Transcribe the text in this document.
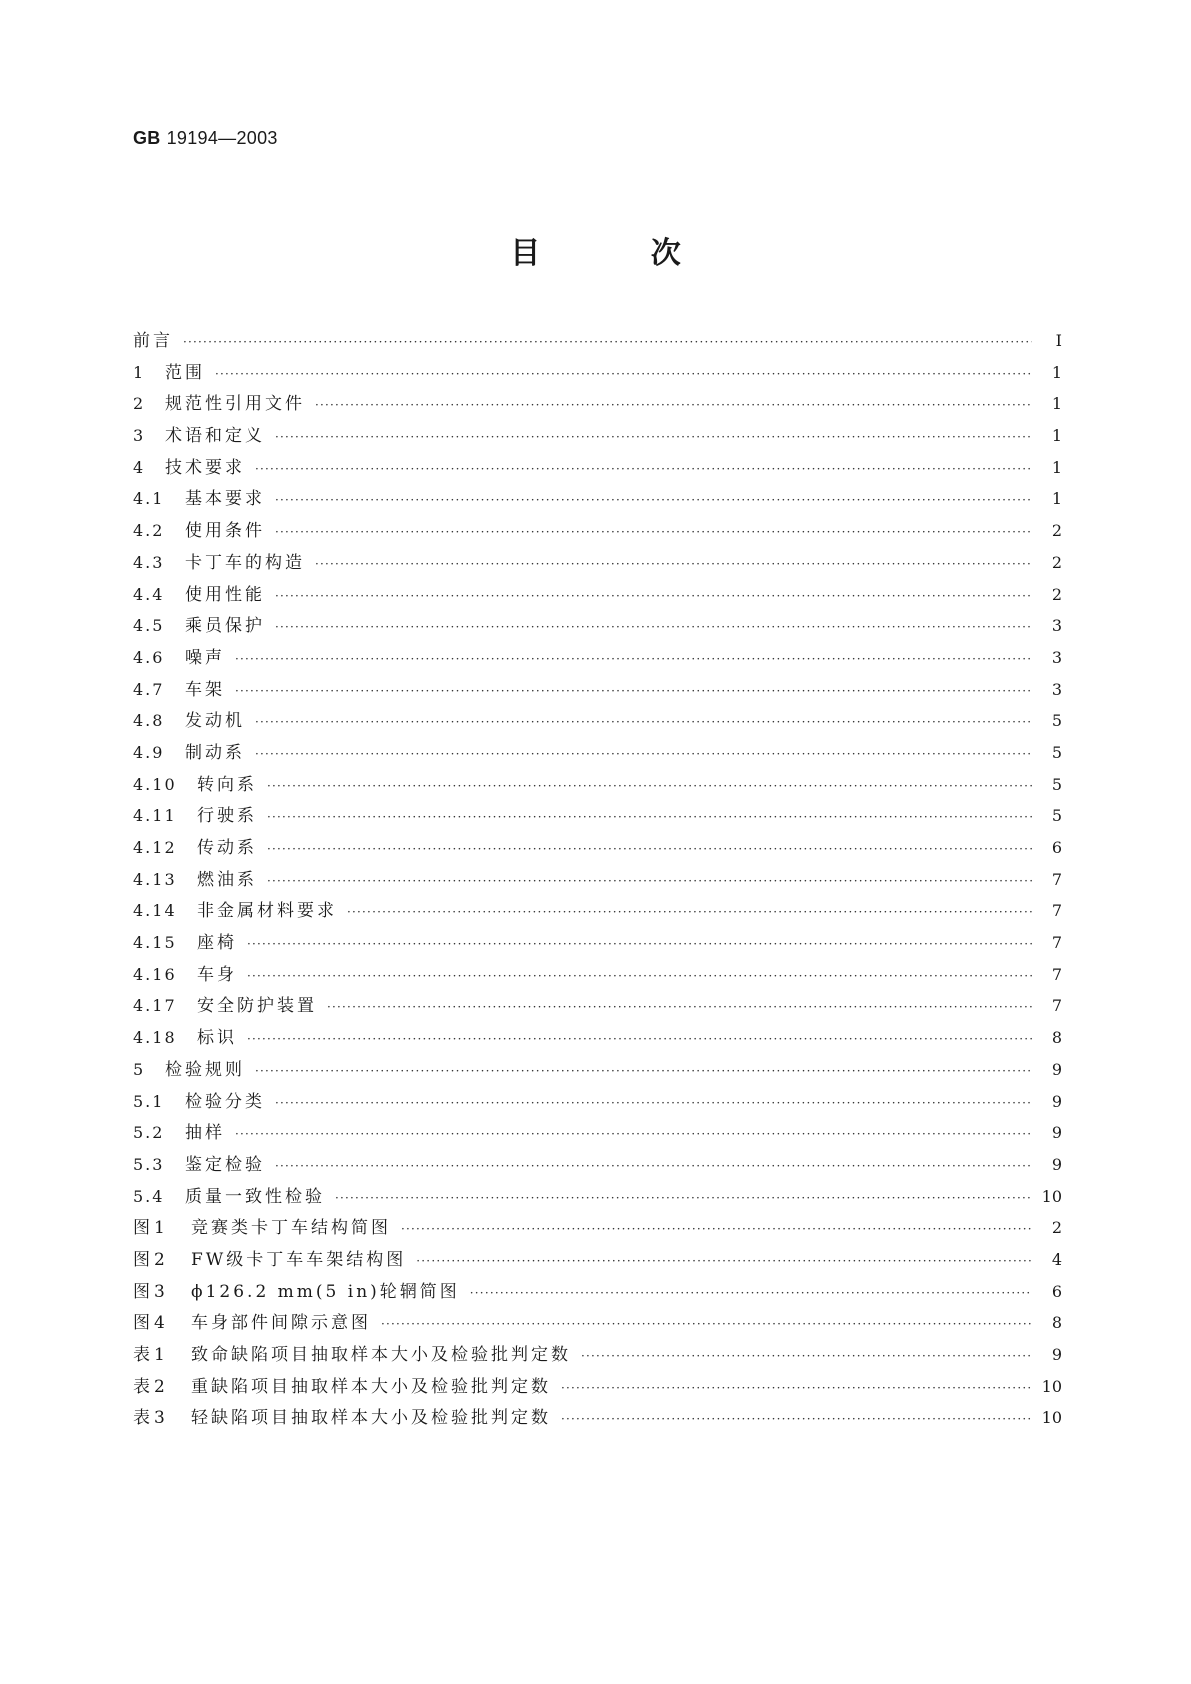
GB 19194—2003
目 次
前言 ·····	I
1	范围 ·····	1
2	规范性引用文件 ·····	1
3	术语和定义 ·····	1
4	技术要求 ·····	1
4.1	基本要求 ·····	1
4.2	使用条件 ·····	2
4.3	卡丁车的构造 ·····	2
4.4	使用性能 ·····	2
4.5	乘员保护 ·····	3
4.6	噪声 ·····	3
4.7	车架 ·····	3
4.8	发动机 ·····	5
4.9	制动系 ·····	5
4.10	转向系 ·····	5
4.11	行驶系 ·····	5
4.12	传动系 ·····	6
4.13	燃油系 ·····	7
4.14	非金属材料要求 ·····	7
4.15	座椅 ·····	7
4.16	车身 ·····	7
4.17	安全防护装置 ·····	7
4.18	标识 ·····	8
5	检验规则 ·····	9
5.1	检验分类 ·····	9
5.2	抽样 ·····	9
5.3	鉴定检验 ·····	9
5.4	质量一致性检验 ·····	10
图1	竞赛类卡丁车结构简图 ·····	2
图2	FW级卡丁车车架结构图 ·····	4
图3	ϕ126.2 mm(5 in)轮辋简图 ·····	6
图4	车身部件间隙示意图 ·····	8
表1	致命缺陷项目抽取样本大小及检验批判定数 ·····	9
表2	重缺陷项目抽取样本大小及检验批判定数 ·····	10
表3	轻缺陷项目抽取样本大小及检验批判定数 ·····	10
